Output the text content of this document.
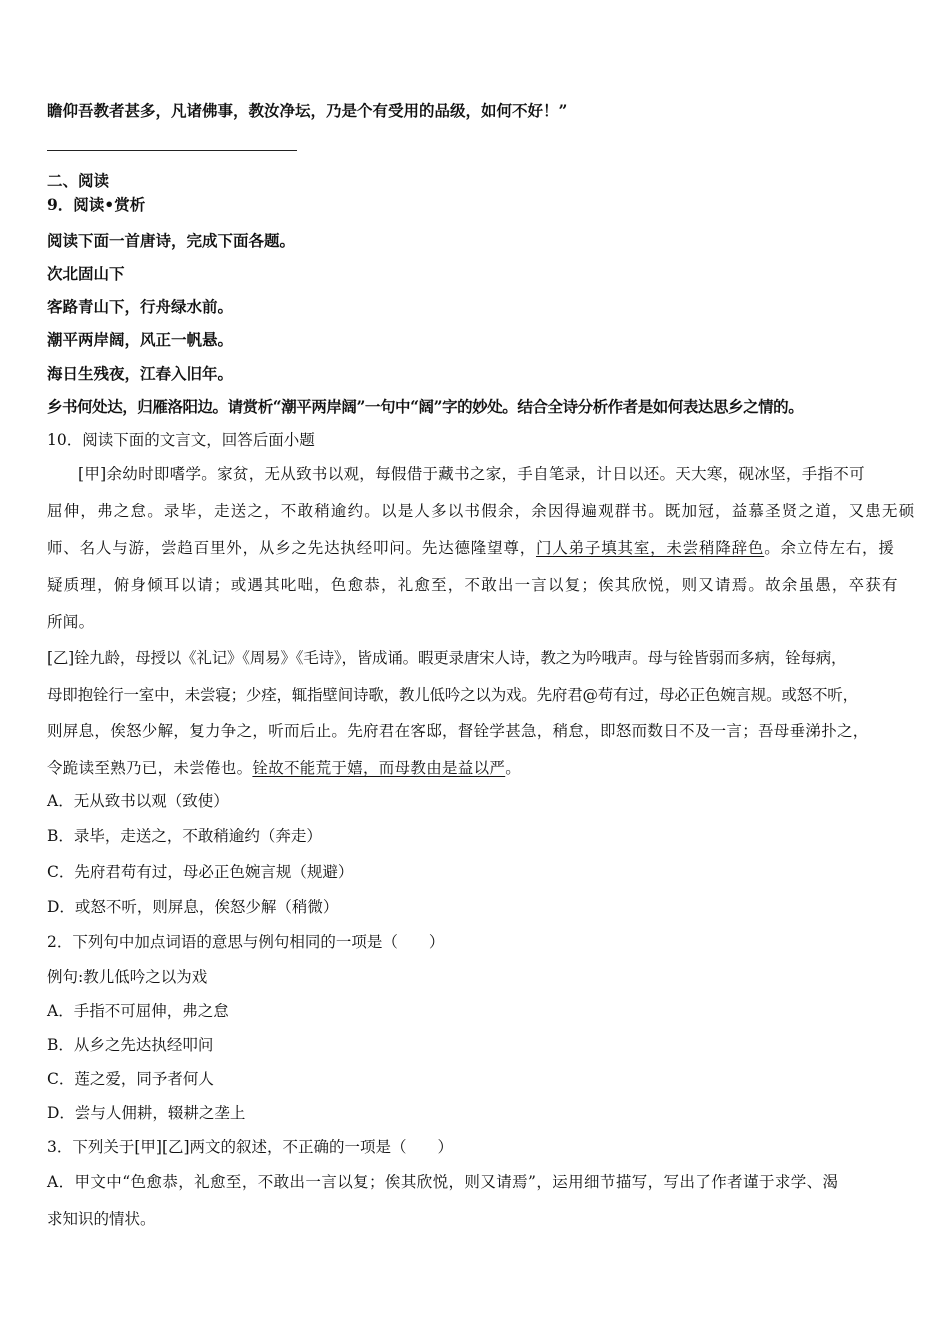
瞻仰吾教者甚多，凡诸佛事，教汝净坛，乃是个有受用的品级，如何不好！”
二、阅读
9．阅读•赏析
阅读下面一首唐诗，完成下面各题。
次北固山下
客路青山下，行舟绿水前。
潮平两岸阔，风正一帆悬。
海日生残夜，江春入旧年。
乡书何处达，归雁洛阳边。请赏析“潮平两岸阔”一句中“阔”字的妙处。结合全诗分析作者是如何表达思乡之情的。
10．阅读下面的文言文，回答后面小题
[甲]余幼时即嗜学。家贫，无从致书以观，每假借于藏书之家，手自笔录，计日以还。天大寒，砚冰坚，手指不可
屈伸，弗之怠。录毕，走送之，不敢稍逾约。以是人多以书假余，余因得遍观群书。既加冠，益慕圣贤之道，又患无硕
师、名人与游，尝趋百里外，从乡之先达执经叩问。先达德隆望尊，门人弟子填其室，未尝稍降辞色。余立侍左右，援
疑质理，俯身倾耳以请；或遇其叱咄，色愈恭，礼愈至，不敢出一言以复；俟其欣悦，则又请焉。故余虽愚，卒获有
所闻。
[乙]铨九龄，母授以《礼记》《周易》《毛诗》，皆成诵。暇更录唐宋人诗，教之为吟哦声。母与铨皆弱而多病，铨每病，
母即抱铨行一室中，未尝寝；少痊，辄指壁间诗歌，教儿低吟之以为戏。先府君@苟有过，母必正色婉言规。或怒不听，
则屏息，俟怒少解，复力争之，听而后止。先府君在客邸，督铨学甚急，稍怠，即怒而数日不及一言；吾母垂涕扑之，
令跪读至熟乃已，未尝倦也。铨故不能荒于嬉，而母教由是益以严。
A．无从致书以观（致使）
B．录毕，走送之，不敢稍逾约（奔走）
C．先府君苟有过，母必正色婉言规（规避）
D．或怒不听，则屏息，俟怒少解（稍微）
2．下列句中加点词语的意思与例句相同的一项是（　　）
例句:教儿低吟之以为戏
A．手指不可屈伸，弗之怠
B．从乡之先达执经叩问
C．莲之爱，同予者何人
D．尝与人佣耕，辍耕之垄上
3．下列关于[甲][乙]两文的叙述，不正确的一项是（　　）
A．甲文中“色愈恭，礼愈至，不敢出一言以复；俟其欣悦，则又请焉”，运用细节描写，写出了作者谨于求学、渴
求知识的情状。
